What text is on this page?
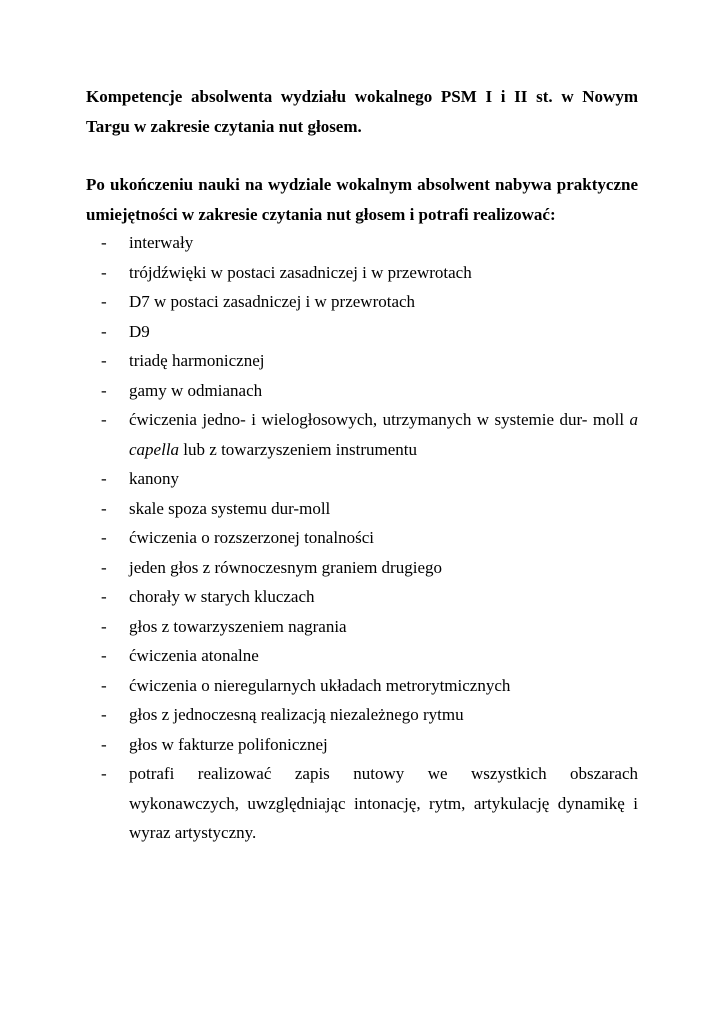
Kompetencje absolwenta wydziału wokalnego PSM I i II st. w Nowym
Targu w zakresie czytania nut głosem.
Po ukończeniu nauki na wydziale wokalnym absolwent nabywa praktyczne
umiejętności w zakresie czytania nut głosem i potrafi realizować:
- interwały
- trójdźwięki w postaci zasadniczej i w przewrotach
- D7 w postaci zasadniczej i w przewrotach
- D9
- triadę harmonicznej
- gamy w odmianach
- ćwiczenia jedno- i wielogłosowych, utrzymanych w systemie dur- moll a
capella lub z towarzyszeniem instrumentu
- kanony
- skale spoza systemu dur-moll
- ćwiczenia o rozszerzonej tonalności
- jeden głos z równoczesnym graniem drugiego
- chorały w starych kluczach
- głos z towarzyszeniem nagrania
- ćwiczenia atonalne
- ćwiczenia o nieregularnych układach metrorytmicznych
- głos z jednoczesną realizacją niezależnego rytmu
- głos w fakturze polifonicznej
- potrafi realizować zapis nutowy we wszystkich obszarach
wykonawczych, uwzględniając intonację, rytm, artykulację dynamikę i
wyraz artystyczny.
